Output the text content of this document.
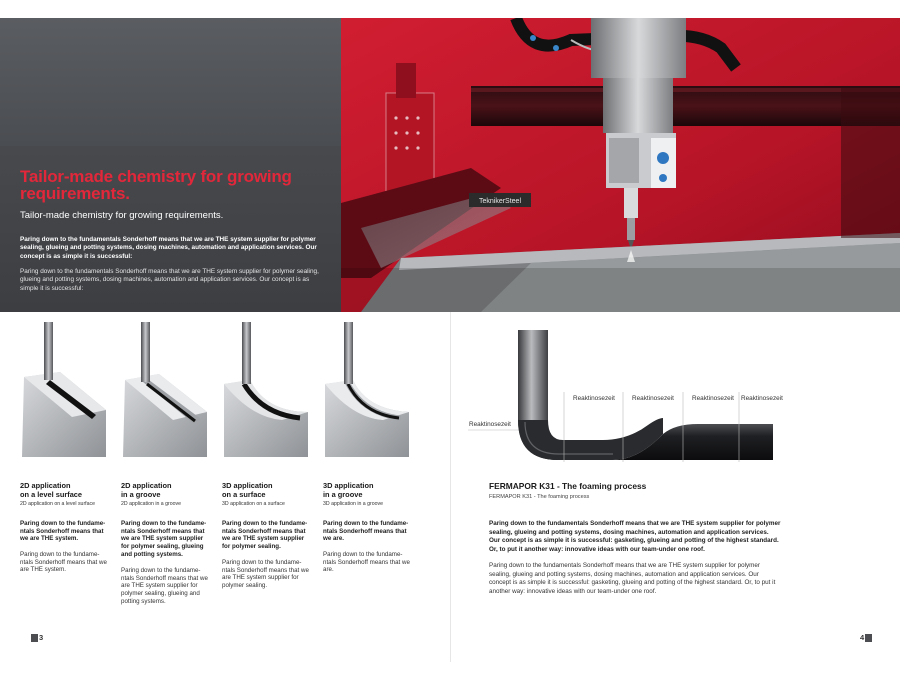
Tailor-made chemistry for growing requirements.
Tailor-made chemistry for growing requirements.
Paring down to the fundamentals Sonderhoff means that we are THE system supplier for polymer sealing, glueing and potting systems, dosing machines, automation and application services. Our concept is as simple it is successful:
Paring down to the fundamentals Sonderhoff means that we are THE system supplier for polymer sealing, glueing and potting systems, dosing machines, automation and application services. Our concept is as simple it is successful:
TeknikerSteel
2D application
on a level surface
2D application on a level surface
Paring down to the fundame-ntals Sonderhoff means that we are THE system.
Paring down to the fundame-ntals Sonderhoff means that we are THE system.
2D application
in a groove
2D application in a groove
Paring down to the fundame-ntals Sonderhoff means that we are THE system supplier for polymer sealing, glueing and potting systems.
Paring down to the fundame-ntals Sonderhoff means that we are THE system supplier for polymer sealing, glueing and potting systems.
3D application
on a surface
3D application on a surface
Paring down to the fundame-ntals Sonderhoff means that we are THE system supplier for polymer sealing.
Paring down to the fundame-ntals Sonderhoff means that we are THE system supplier for polymer sealing.
3D application
in a groove
3D application in a groove
Paring down to the fundame-ntals Sonderhoff means that we are.
Paring down to the fundame-ntals Sonderhoff means that we are.
3
Reaktinosezeit	Reaktinosezeit	Reaktinosezeit Reaktinosezeit
Reaktinosezeit
FERMAPOR K31 - The foaming process
FERMAPOR K31 - The foaming process
Paring down to the fundamentals Sonderhoff means that we are THE system supplier for polymer sealing, glueing and potting systems, dosing machines, automation and application services. Our concept is as simple it is successful: gasketing, glueing and potting of the highest standard. Or, to put it another way: innovative ideas with our team-under one roof.
Paring down to the fundamentals Sonderhoff means that we are THE system supplier for polymer sealing, glueing and potting systems, dosing machines, automation and application services. Our concept is as simple it is successful: gasketing, glueing and potting of the highest standard. Or, to put it another way: innovative ideas with our team-under one roof.
4
